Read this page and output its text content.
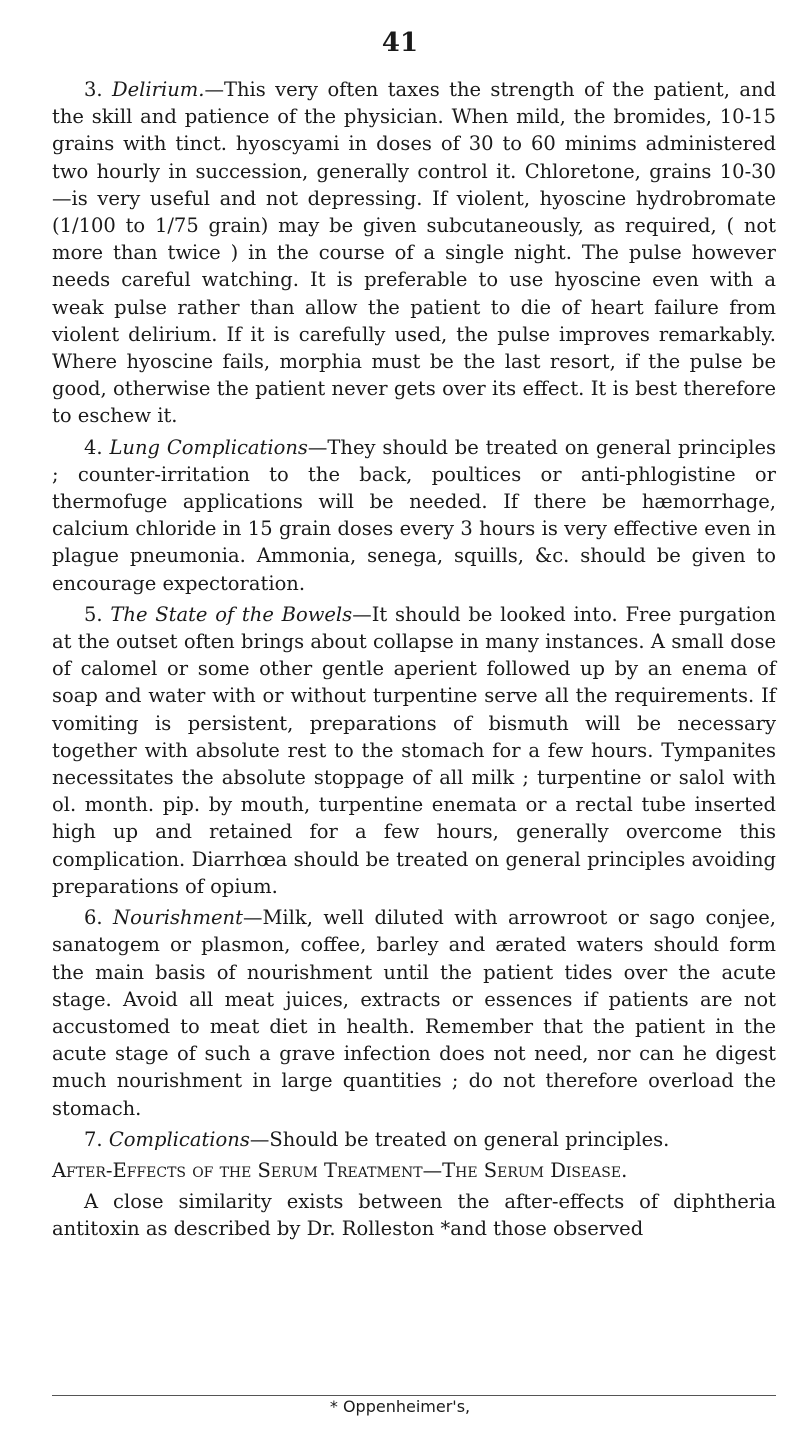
41

3. Delirium.—This very often taxes the strength of the patient, and the skill and patience of the physician. When mild, the bromides, 10-15 grains with tinct. hyoscyami in doses of 30 to 60 minims administered two hourly in succession, generally control it. Chloretone, grains 10-30—is very useful and not depressing. If violent, hyoscine hydrobromate (1/100 to 1/75 grain) may be given subcutaneously, as required, ( not more than twice ) in the course of a single night. The pulse however needs careful watching. It is preferable to use hyoscine even with a weak pulse rather than allow the patient to die of heart failure from violent delirium. If it is carefully used, the pulse improves remarkably. Where hyoscine fails, morphia must be the last resort, if the pulse be good, otherwise the patient never gets over its effect. It is best therefore to eschew it.

4. Lung Complications—They should be treated on general principles ; counter-irritation to the back, poultices or anti-phlogistine or thermofuge applications will be needed. If there be hæmorrhage, calcium chloride in 15 grain doses every 3 hours is very effective even in plague pneumonia. Ammonia, senega, squills, &c. should be given to encourage expectoration.

5. The State of the Bowels—It should be looked into. Free purgation at the outset often brings about collapse in many instances. A small dose of calomel or some other gentle aperient followed up by an enema of soap and water with or without turpentine serve all the requirements. If vomiting is persistent, preparations of bismuth will be necessary together with absolute rest to the stomach for a few hours. Tympanites necessitates the absolute stoppage of all milk ; turpentine or salol with ol. month. pip. by mouth, turpentine enemata or a rectal tube inserted high up and retained for a few hours, generally overcome this complication. Diarrhœa should be treated on general principles avoiding preparations of opium.

6. Nourishment—Milk, well diluted with arrowroot or sago conjee, sanatogem or plasmon, coffee, barley and ærated waters should form the main basis of nourishment until the patient tides over the acute stage. Avoid all meat juices, extracts or essences if patients are not accustomed to meat diet in health. Remember that the patient in the acute stage of such a grave infection does not need, nor can he digest much nourishment in large quantities ; do not therefore overload the stomach.

7. Complications—Should be treated on general principles.

After-Effects of the Serum Treatment—The Serum Disease.

A close similarity exists between the after-effects of diphtheria antitoxin as described by Dr. Rolleston *and those observed

* Oppenheimer's,
